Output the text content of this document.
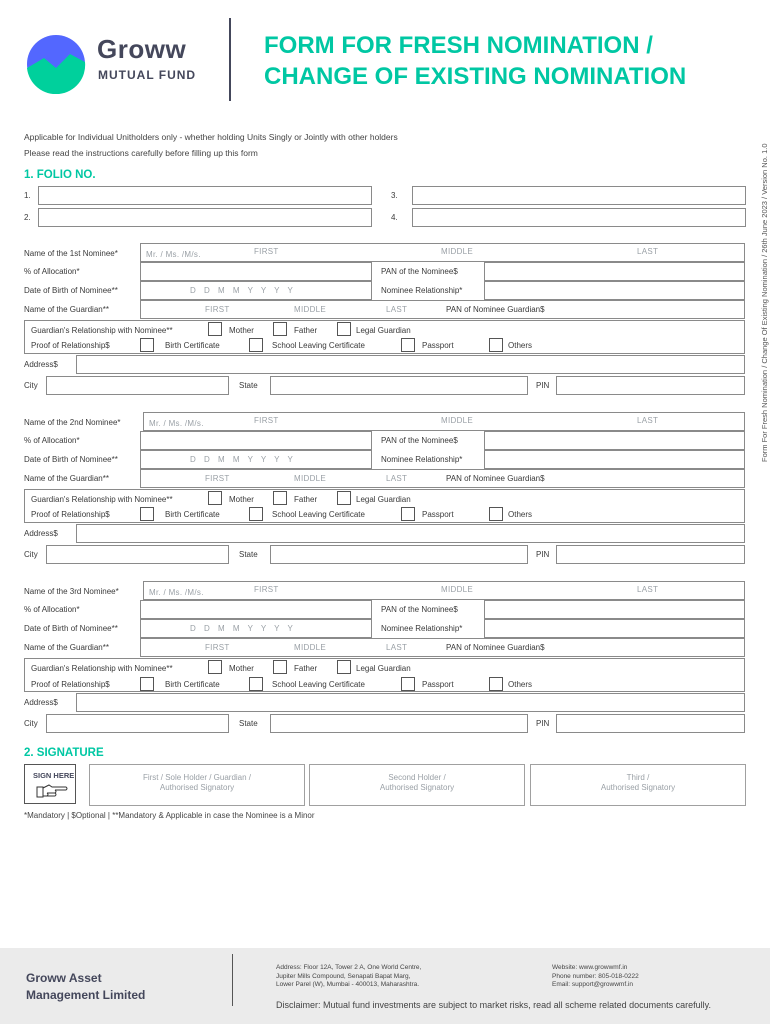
Groww
MUTUAL FUND
FORM FOR FRESH NOMINATION /
CHANGE OF EXISTING NOMINATION
Form For Fresh Nomination / Change Of Existing Nomination / 26th June 2023 / Version No. 1.0
Applicable for Individual Unitholders only - whether holding Units Singly or Jointly with other holders
Please read the instructions carefully before filling up this form
1. FOLIO NO.
1.	3.
2.	4.
Name of the 1st Nominee*	Mr. / Ms. /M/s.	FIRST	MIDDLE	LAST
% of Allocation*	PAN of the Nominee$
Date of Birth of Nominee**	D D M M Y Y Y Y	Nominee Relationship*
Name of the Guardian**	FIRST	MIDDLE	LAST	PAN of Nominee Guardian$
Guardian's Relationship with Nominee**	Mother	Father	Legal Guardian
Proof of Relationship$	Birth Certificate	School Leaving Certificate	Passport	Others
Address$
City	State	PIN
Name of the 2nd Nominee*	Mr. / Ms. /M/s.	FIRST	MIDDLE	LAST
% of Allocation*	PAN of the Nominee$
Date of Birth of Nominee**	D D M M Y Y Y Y	Nominee Relationship*
Name of the Guardian**	FIRST	MIDDLE	LAST	PAN of Nominee Guardian$
Guardian's Relationship with Nominee**	Mother	Father	Legal Guardian
Proof of Relationship$	Birth Certificate	School Leaving Certificate	Passport	Others
Address$
City	State	PIN
Name of the 3rd Nominee*	Mr. / Ms. /M/s.	FIRST	MIDDLE	LAST
% of Allocation*	PAN of the Nominee$
Date of Birth of Nominee**	D D M M Y Y Y Y	Nominee Relationship*
Name of the Guardian**	FIRST	MIDDLE	LAST	PAN of Nominee Guardian$
Guardian's Relationship with Nominee**	Mother	Father	Legal Guardian
Proof of Relationship$	Birth Certificate	School Leaving Certificate	Passport	Others
Address$
City	State	PIN
2. SIGNATURE
SIGN HERE	First / Sole Holder / Guardian /
Authorised Signatory
Second Holder /
Authorised Signatory
Third /
Authorised Signatory
*Mandatory | $Optional | **Mandatory & Applicable in case the Nominee is a Minor
Groww Asset
Management Limited
Address: Floor 12A, Tower 2 A, One World Centre,
Jupiter Mills Compound, Senapati Bapat Marg,
Lower Parel (W), Mumbai - 400013, Maharashtra.
Website: www.growwmf.in
Phone number: 805-018-0222
Email: support@growwmf.in
Disclaimer: Mutual fund investments are subject to market risks, read all scheme related documents carefully.
